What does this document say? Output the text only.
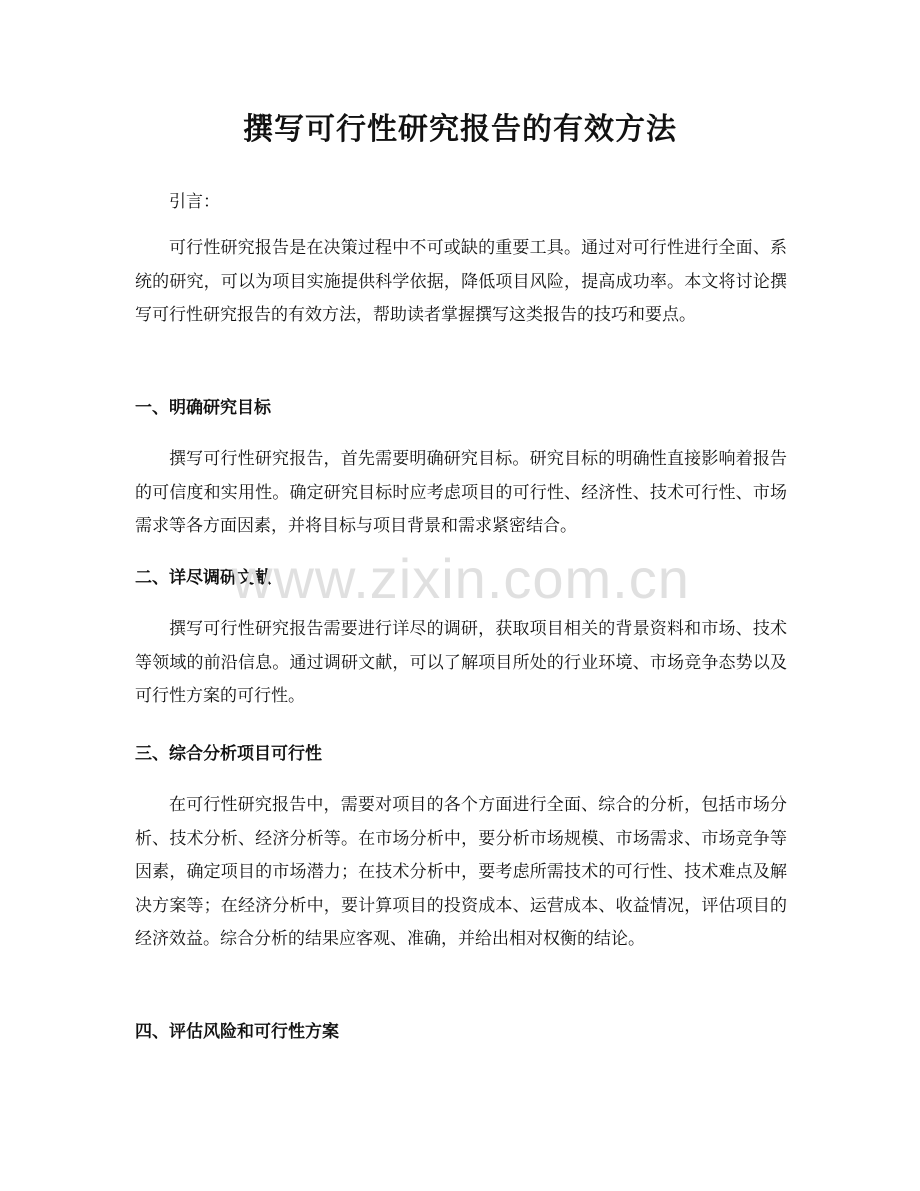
撰写可行性研究报告的有效方法
引言：
可行性研究报告是在决策过程中不可或缺的重要工具。通过对可行性进行全面、系统的研究，可以为项目实施提供科学依据，降低项目风险，提高成功率。本文将讨论撰写可行性研究报告的有效方法，帮助读者掌握撰写这类报告的技巧和要点。
一、明确研究目标
撰写可行性研究报告，首先需要明确研究目标。研究目标的明确性直接影响着报告的可信度和实用性。确定研究目标时应考虑项目的可行性、经济性、技术可行性、市场需求等各方面因素，并将目标与项目背景和需求紧密结合。
二、详尽调研文献
撰写可行性研究报告需要进行详尽的调研，获取项目相关的背景资料和市场、技术等领域的前沿信息。通过调研文献，可以了解项目所处的行业环境、市场竞争态势以及可行性方案的可行性。
三、综合分析项目可行性
在可行性研究报告中，需要对项目的各个方面进行全面、综合的分析，包括市场分析、技术分析、经济分析等。在市场分析中，要分析市场规模、市场需求、市场竞争等因素，确定项目的市场潜力；在技术分析中，要考虑所需技术的可行性、技术难点及解决方案等；在经济分析中，要计算项目的投资成本、运营成本、收益情况，评估项目的经济效益。综合分析的结果应客观、准确，并给出相对权衡的结论。
四、评估风险和可行性方案
www.zixin.com.cn
